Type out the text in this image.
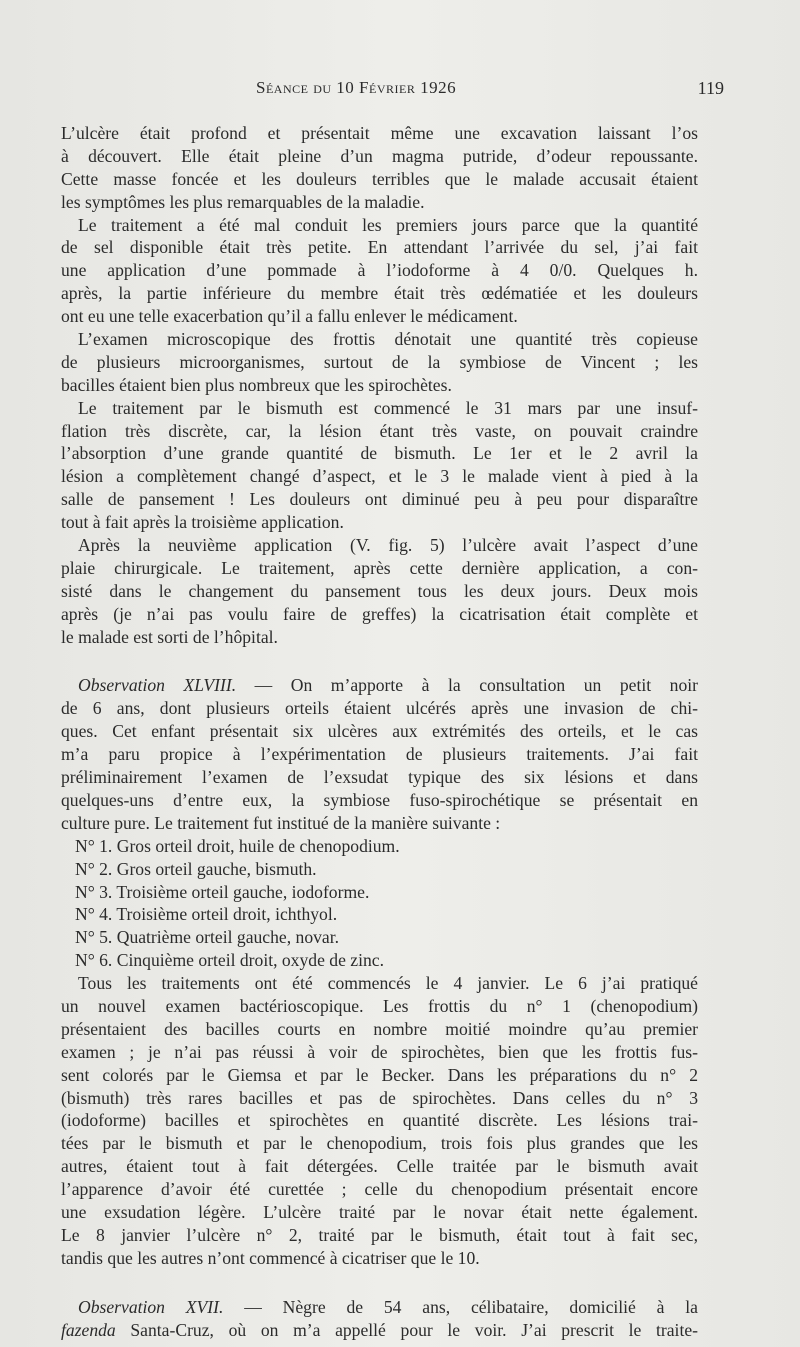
Séance du 10 Février 1926	119
L’ulcère était profond et présentait même une excavation laissant l’os
à découvert. Elle était pleine d’un magma putride, d’odeur repoussante.
Cette masse foncée et les douleurs terribles que le malade accusait étaient
les symptômes les plus remarquables de la maladie.
Le traitement a été mal conduit les premiers jours parce que la quantité
de sel disponible était très petite. En attendant l’arrivée du sel, j’ai fait
une application d’une pommade à l’iodoforme à 4 0/0. Quelques h.
après, la partie inférieure du membre était très œdématiée et les douleurs
ont eu une telle exacerbation qu’il a fallu enlever le médicament.
L’examen microscopique des frottis dénotait une quantité très copieuse
de plusieurs microorganismes, surtout de la symbiose de Vincent ; les
bacilles étaient bien plus nombreux que les spirochètes.
Le traitement par le bismuth est commencé le 31 mars par une insuf-
flation très discrète, car, la lésion étant très vaste, on pouvait craindre
l’absorption d’une grande quantité de bismuth. Le 1er et le 2 avril la
lésion a complètement changé d’aspect, et le 3 le malade vient à pied à la
salle de pansement ! Les douleurs ont diminué peu à peu pour disparaître
tout à fait après la troisième application.
Après la neuvième application (V. fig. 5) l’ulcère avait l’aspect d’une
plaie chirurgicale. Le traitement, après cette dernière application, a con-
sisté dans le changement du pansement tous les deux jours. Deux mois
après (je n’ai pas voulu faire de greffes) la cicatrisation était complète et
le malade est sorti de l’hôpital.
Observation XLVIII. — On m’apporte à la consultation un petit noir
de 6 ans, dont plusieurs orteils étaient ulcérés après une invasion de chi-
ques. Cet enfant présentait six ulcères aux extrémités des orteils, et le cas
m’a paru propice à l’expérimentation de plusieurs traitements. J’ai fait
préliminairement l’examen de l’exsudat typique des six lésions et dans
quelques-uns d’entre eux, la symbiose fuso-spirochétique se présentait en
culture pure. Le traitement fut institué de la manière suivante :
N° 1. Gros orteil droit, huile de chenopodium.
N° 2. Gros orteil gauche, bismuth.
N° 3. Troisième orteil gauche, iodoforme.
N° 4. Troisième orteil droit, ichthyol.
N° 5. Quatrième orteil gauche, novar.
N° 6. Cinquième orteil droit, oxyde de zinc.
Tous les traitements ont été commencés le 4 janvier. Le 6 j’ai pratiqué
un nouvel examen bactérioscopique. Les frottis du n° 1 (chenopodium)
présentaient des bacilles courts en nombre moitié moindre qu’au premier
examen ; je n’ai pas réussi à voir de spirochètes, bien que les frottis fus-
sent colorés par le Giemsa et par le Becker. Dans les préparations du n° 2
(bismuth) très rares bacilles et pas de spirochètes. Dans celles du n° 3
(iodoforme) bacilles et spirochètes en quantité discrète. Les lésions trai-
tées par le bismuth et par le chenopodium, trois fois plus grandes que les
autres, étaient tout à fait détergées. Celle traitée par le bismuth avait
l’apparence d’avoir été curettée ; celle du chenopodium présentait encore
une exsudation légère. L’ulcère traité par le novar était nette également.
Le 8 janvier l’ulcère n° 2, traité par le bismuth, était tout à fait sec,
tandis que les autres n’ont commencé à cicatriser que le 10.
Observation XVII. — Nègre de 54 ans, célibataire, domicilié à la
fazenda Santa-Cruz, où on m’a appellé pour le voir. J’ai prescrit le traite-
